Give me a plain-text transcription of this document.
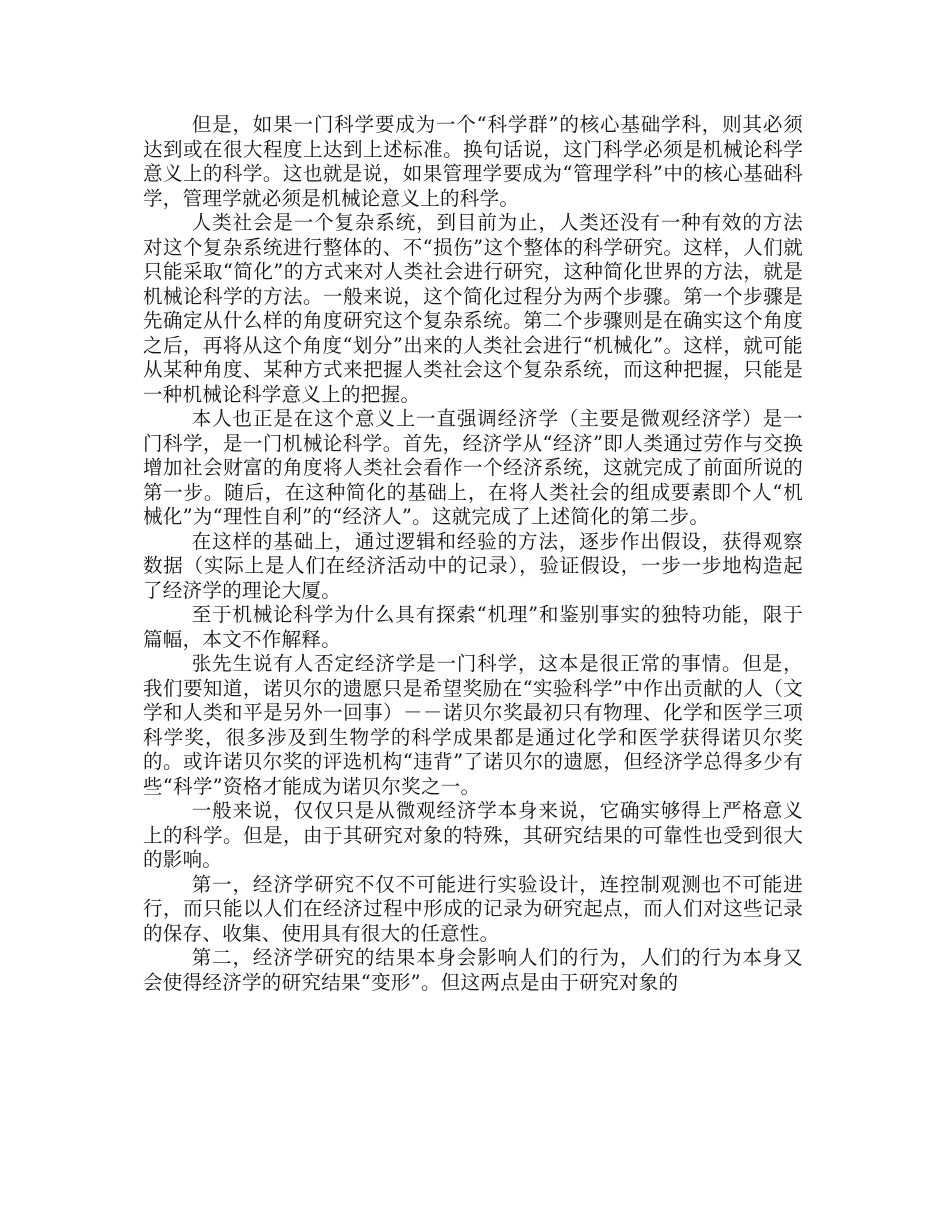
但是，如果一门科学要成为一个“科学群”的核心基础学科，则其必须达到或在很大程度上达到上述标准。换句话说，这门科学必须是机械论科学意义上的科学。这也就是说，如果管理学要成为“管理学科”中的核心基础科学，管理学就必须是机械论意义上的科学。

人类社会是一个复杂系统，到目前为止，人类还没有一种有效的方法对这个复杂系统进行整体的、不“损伤”这个整体的科学研究。这样，人们就只能采取“简化”的方式来对人类社会进行研究，这种简化世界的方法，就是机械论科学的方法。一般来说，这个简化过程分为两个步骤。第一个步骤是先确定从什么样的角度研究这个复杂系统。第二个步骤则是在确实这个角度之后，再将从这个角度“划分”出来的人类社会进行“机械化”。这样，就可能从某种角度、某种方式来把握人类社会这个复杂系统，而这种把握，只能是一种机械论科学意义上的把握。

本人也正是在这个意义上一直强调经济学（主要是微观经济学）是一门科学，是一门机械论科学。首先，经济学从“经济”即人类通过劳作与交换增加社会财富的角度将人类社会看作一个经济系统，这就完成了前面所说的第一步。随后，在这种简化的基础上，在将人类社会的组成要素即个人“机械化”为“理性自利”的“经济人”。这就完成了上述简化的第二步。

在这样的基础上，通过逻辑和经验的方法，逐步作出假设，获得观察数据（实际上是人们在经济活动中的记录），验证假设，一步一步地构造起了经济学的理论大厦。

至于机械论科学为什么具有探索“机理”和鉴别事实的独特功能，限于篇幅，本文不作解释。

张先生说有人否定经济学是一门科学，这本是很正常的事情。但是，我们要知道，诺贝尔的遗愿只是希望奖励在“实验科学”中作出贡献的人（文学和人类和平是另外一回事）－－诺贝尔奖最初只有物理、化学和医学三项科学奖，很多涉及到生物学的科学成果都是通过化学和医学获得诺贝尔奖的。或许诺贝尔奖的评选机构“违背”了诺贝尔的遗愿，但经济学总得多少有些“科学”资格才能成为诺贝尔奖之一。

一般来说，仅仅只是从微观经济学本身来说，它确实够得上严格意义上的科学。但是，由于其研究对象的特殊，其研究结果的可靠性也受到很大的影响。

第一，经济学研究不仅不可能进行实验设计，连控制观测也不可能进行，而只能以人们在经济过程中形成的记录为研究起点，而人们对这些记录的保存、收集、使用具有很大的任意性。

第二，经济学研究的结果本身会影响人们的行为，人们的行为本身又会使得经济学的研究结果“变形”。但这两点是由于研究对象的
